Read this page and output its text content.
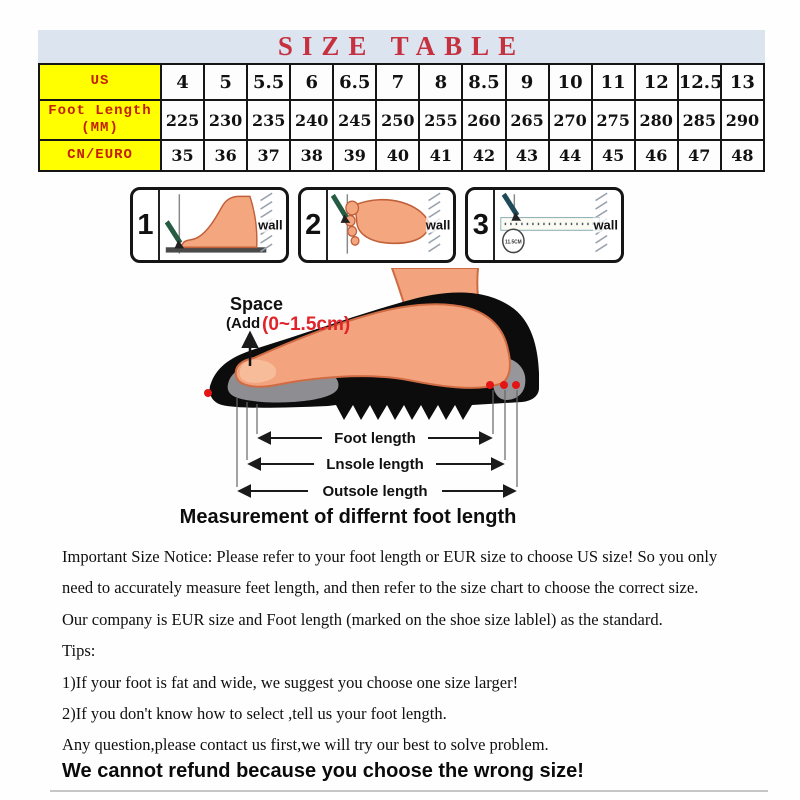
SIZE TABLE
US	4	5	5.5	6	6.5	7	8	8.5	9	10	11	12	12.5	13
Foot Length
(MM)	225	230	235	240	245	250	255	260	265	270	275	280	285	290
CN/EURO	35	36	37	38	39	40	41	42	43	44	45	46	47	48
1	wall 2	wall 3
11.5CM
wall
Foot length
Lnsole length
Outsole length
Space
(Add (0~1.5cm)
Measurement of differnt foot length
Important Size Notice: Please refer to your foot length or EUR size to choose US size! So you only
need to accurately measure feet length, and then refer to the size chart to choose the correct size.
Our company is EUR size and Foot length (marked on the shoe size lablel) as the standard.
Tips:
1)If your foot is fat and wide, we suggest you choose one size larger!
2)If you don't know how to select ,tell us your foot length.
Any question,please contact us first,we will try our best to solve problem.
We cannot refund because you choose the wrong size!
